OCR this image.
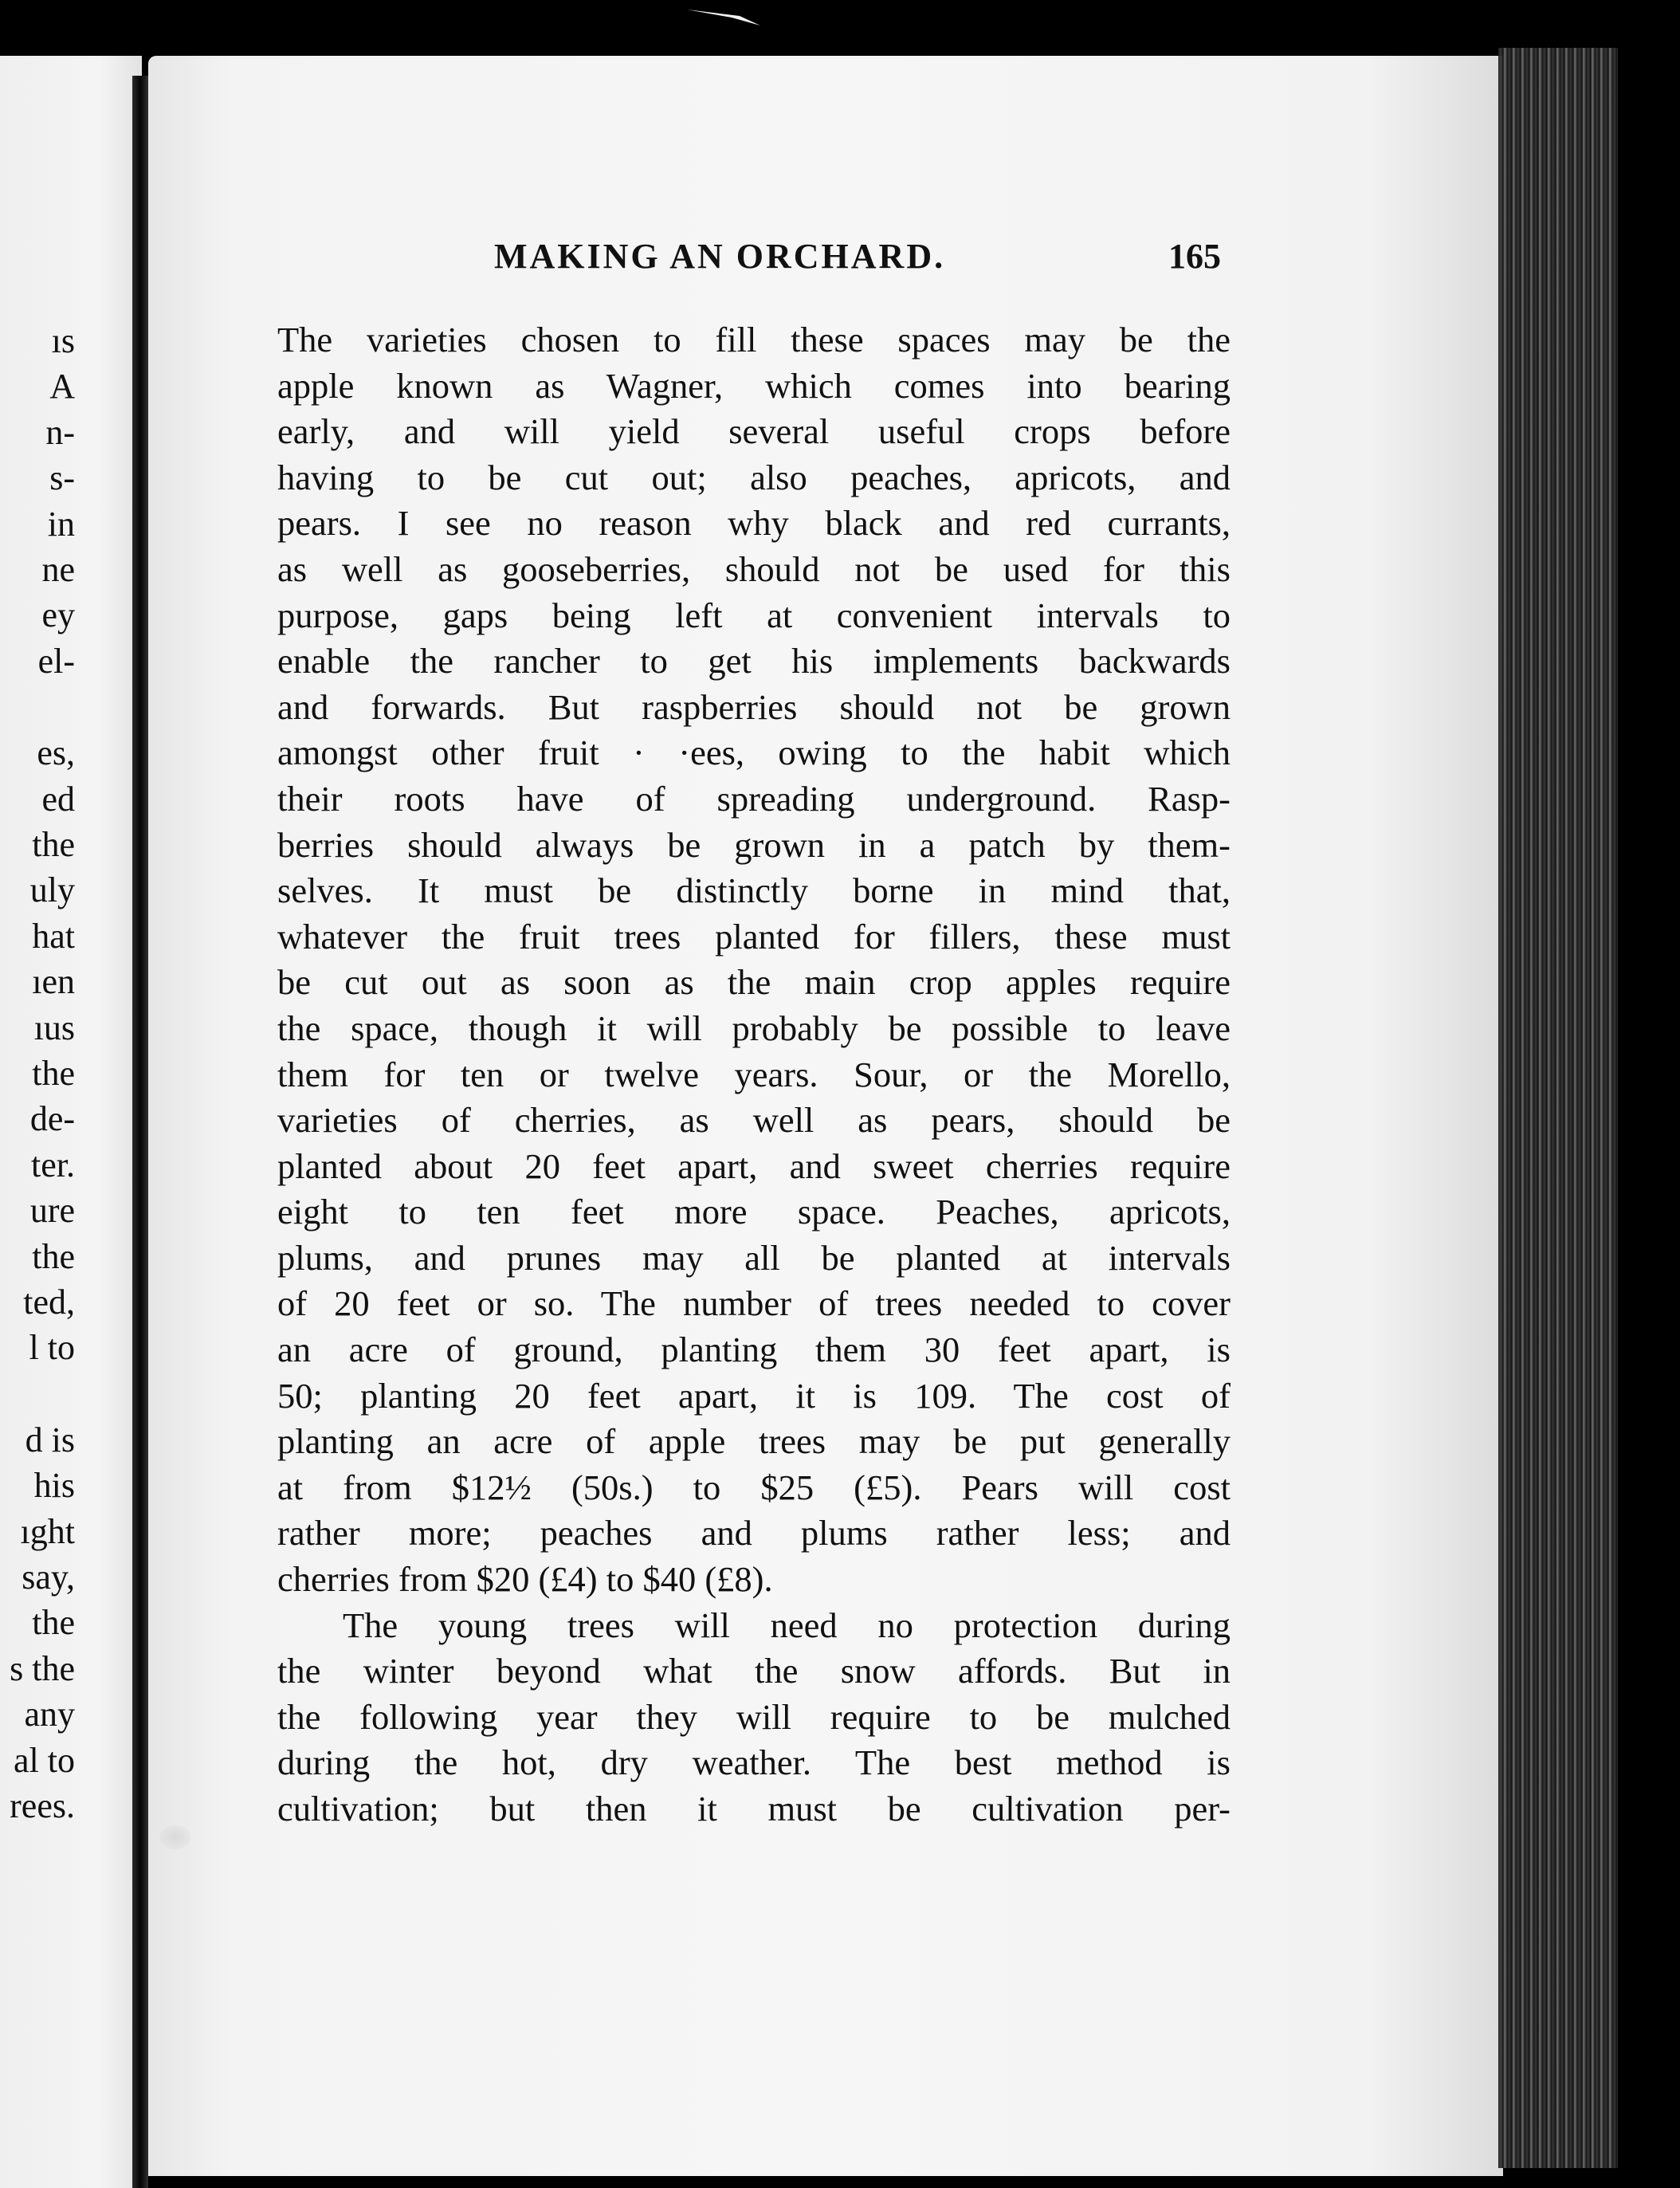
ıs
A
n-
s-
in
ne
ey
el-
es,
ed
the
uly
hat
ıen
ıus
the
de-
ter.
ure
the
ted,
l to
d is
his
ıght
say,
the
s the
any
al to
rees.
MAKING AN ORCHARD.	165
The varieties chosen to fill these spaces may be the
apple known as Wagner, which comes into bearing
early, and will yield several useful crops before
having to be cut out; also peaches, apricots, and
pears. I see no reason why black and red currants,
as well as gooseberries, should not be used for this
purpose, gaps being left at convenient intervals to
enable the rancher to get his implements backwards
and forwards. But raspberries should not be grown
amongst other fruit · ·ees, owing to the habit which
their roots have of spreading underground. Rasp-
berries should always be grown in a patch by them-
selves. It must be distinctly borne in mind that,
whatever the fruit trees planted for fillers, these must
be cut out as soon as the main crop apples require
the space, though it will probably be possible to leave
them for ten or twelve years. Sour, or the Morello,
varieties of cherries, as well as pears, should be
planted about 20 feet apart, and sweet cherries require
eight to ten feet more space. Peaches, apricots,
plums, and prunes may all be planted at intervals
of 20 feet or so. The number of trees needed to cover
an acre of ground, planting them 30 feet apart, is
50; planting 20 feet apart, it is 109. The cost of
planting an acre of apple trees may be put generally
at from $12½ (50s.) to $25 (£5). Pears will cost
rather more; peaches and plums rather less; and
cherries from $20 (£4) to $40 (£8).
The young trees will need no protection during
the winter beyond what the snow affords. But in
the following year they will require to be mulched
during the hot, dry weather. The best method is
cultivation; but then it must be cultivation per-
